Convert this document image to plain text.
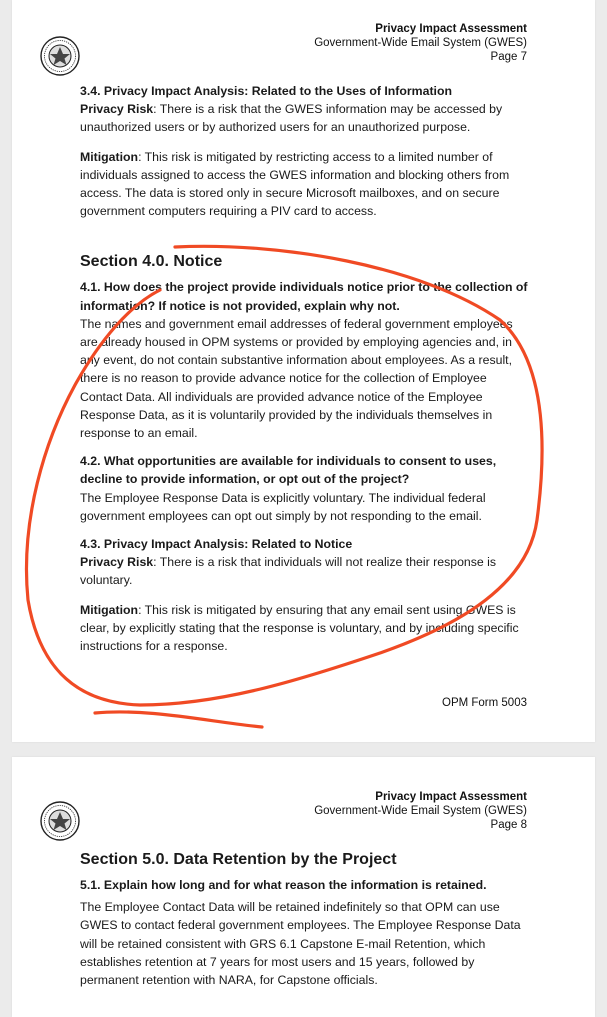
Privacy Impact Assessment
Government-Wide Email System (GWES)
Page 7

3.4. Privacy Impact Analysis: Related to the Uses of Information

Privacy Risk: There is a risk that the GWES information may be accessed by unauthorized users or by authorized users for an unauthorized purpose.

Mitigation: This risk is mitigated by restricting access to a limited number of individuals assigned to access the GWES information and blocking others from access. The data is stored only in secure Microsoft mailboxes, and on secure government computers requiring a PIV card to access.

Section 4.0. Notice

4.1. How does the project provide individuals notice prior to the collection of information? If notice is not provided, explain why not.

The names and government email addresses of federal government employees are already housed in OPM systems or provided by employing agencies and, in any event, do not contain substantive information about employees. As a result, there is no reason to provide advance notice for the collection of Employee Contact Data. All individuals are provided advance notice of the Employee Response Data, as it is voluntarily provided by the individuals themselves in response to an email.

4.2. What opportunities are available for individuals to consent to uses, decline to provide information, or opt out of the project?

The Employee Response Data is explicitly voluntary. The individual federal government employees can opt out simply by not responding to the email.

4.3. Privacy Impact Analysis: Related to Notice

Privacy Risk: There is a risk that individuals will not realize their response is voluntary.

Mitigation: This risk is mitigated by ensuring that any email sent using GWES is clear, by explicitly stating that the response is voluntary, and by including specific instructions for a response.

OPM Form 5003
Privacy Impact Assessment
Government-Wide Email System (GWES)
Page 8

Section 5.0. Data Retention by the Project

5.1. Explain how long and for what reason the information is retained.

The Employee Contact Data will be retained indefinitely so that OPM can use GWES to contact federal government employees. The Employee Response Data will be retained consistent with GRS 6.1 Capstone E-mail Retention, which establishes retention at 7 years for most users and 15 years, followed by permanent retention with NARA, for Capstone officials.
